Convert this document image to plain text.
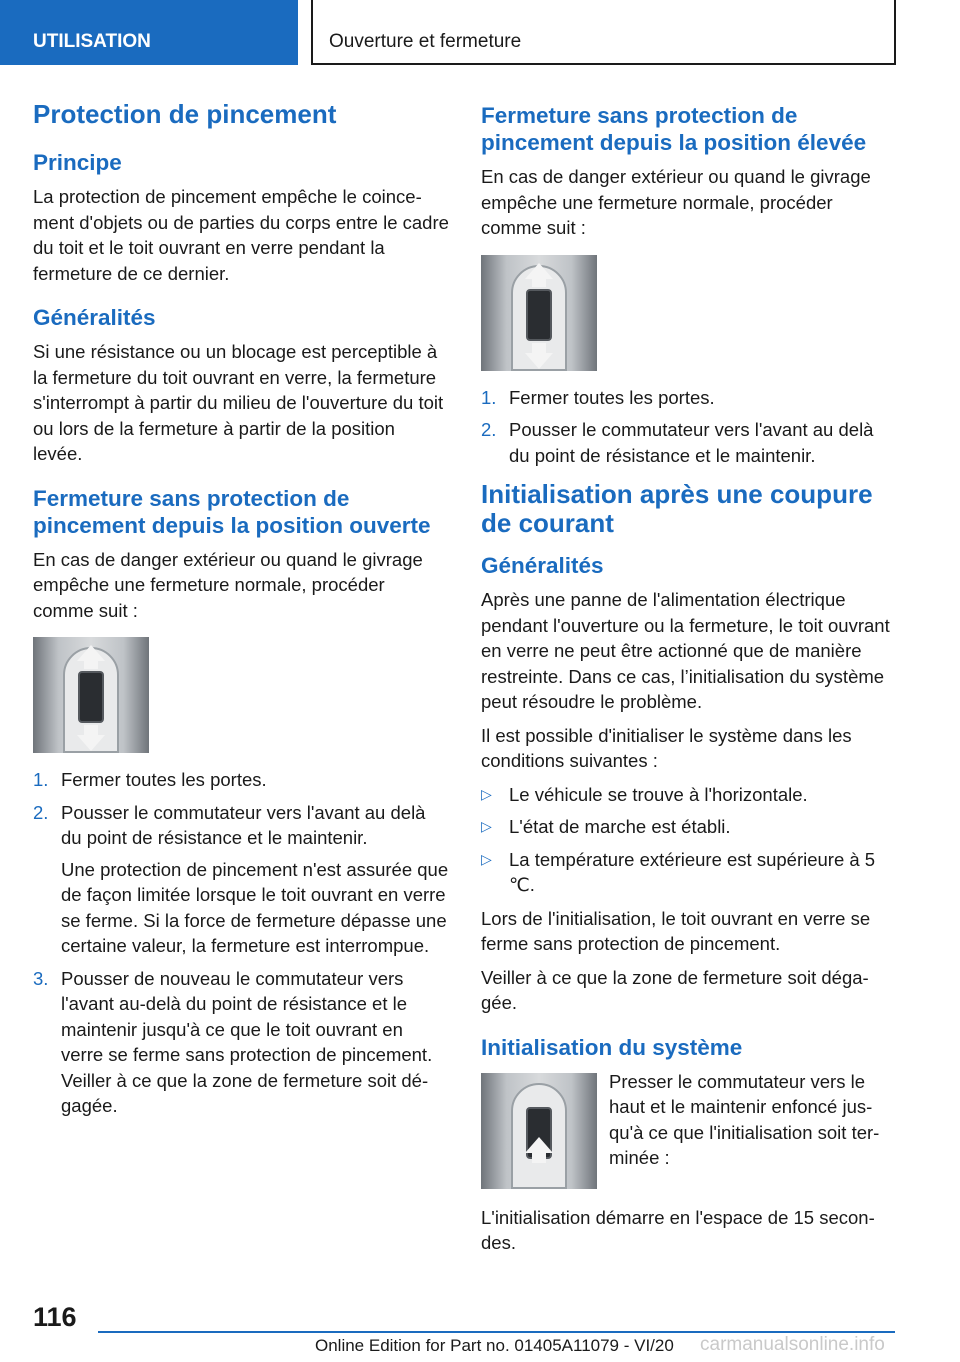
UTILISATION	Ouverture et fermeture
Protection de pincement
Principe

La protection de pincement empêche le coincement d'objets ou de parties du corps entre le cadre du toit et le toit ouvrant en verre pendant la fermeture de ce dernier.

Généralités

Si une résistance ou un blocage est perceptible à la fermeture du toit ouvrant en verre, la fermeture s'interrompt à partir du milieu de l'ouverture du toit ou lors de la fermeture à partir de la position levée.

Fermeture sans protection de pincement depuis la position ouverte

En cas de danger extérieur ou quand le givrage empêche une fermeture normale, procéder comme suit :

1. Fermer toutes les portes.
2. Pousser le commutateur vers l'avant au delà du point de résistance et le maintenir.
Une protection de pincement n'est assurée que de façon limitée lorsque le toit ouvrant en verre se ferme. Si la force de fermeture dépasse une certaine valeur, la fermeture est interrompue.
3. Pousser de nouveau le commutateur vers l'avant au-delà du point de résistance et le maintenir jusqu'à ce que le toit ouvrant en verre se ferme sans protection de pincement. Veiller à ce que la zone de fermeture soit dégagée.
Fermeture sans protection de pincement depuis la position élevée

En cas de danger extérieur ou quand le givrage empêche une fermeture normale, procéder comme suit :

1. Fermer toutes les portes.
2. Pousser le commutateur vers l'avant au delà du point de résistance et le maintenir.
Initialisation après une coupure de courant
Généralités

Après une panne de l'alimentation électrique pendant l'ouverture ou la fermeture, le toit ouvrant en verre ne peut être actionné que de manière restreinte. Dans ce cas, l’initialisation du système peut résoudre le problème.

Il est possible d'initialiser le système dans les conditions suivantes :

▷ Le véhicule se trouve à l'horizontale.
▷ L'état de marche est établi.
▷ La température extérieure est supérieure à 5 ℃.

Lors de l'initialisation, le toit ouvrant en verre se ferme sans protection de pincement.

Veiller à ce que la zone de fermeture soit dégagée.

Initialisation du système

Presser le commutateur vers le haut et le maintenir enfoncé jusqu'à ce que l'initialisation soit terminée :

L'initialisation démarre en l'espace de 15 secondes.

116
Online Edition for Part no. 01405A11079 - VI/20 carmanualsonline.info
